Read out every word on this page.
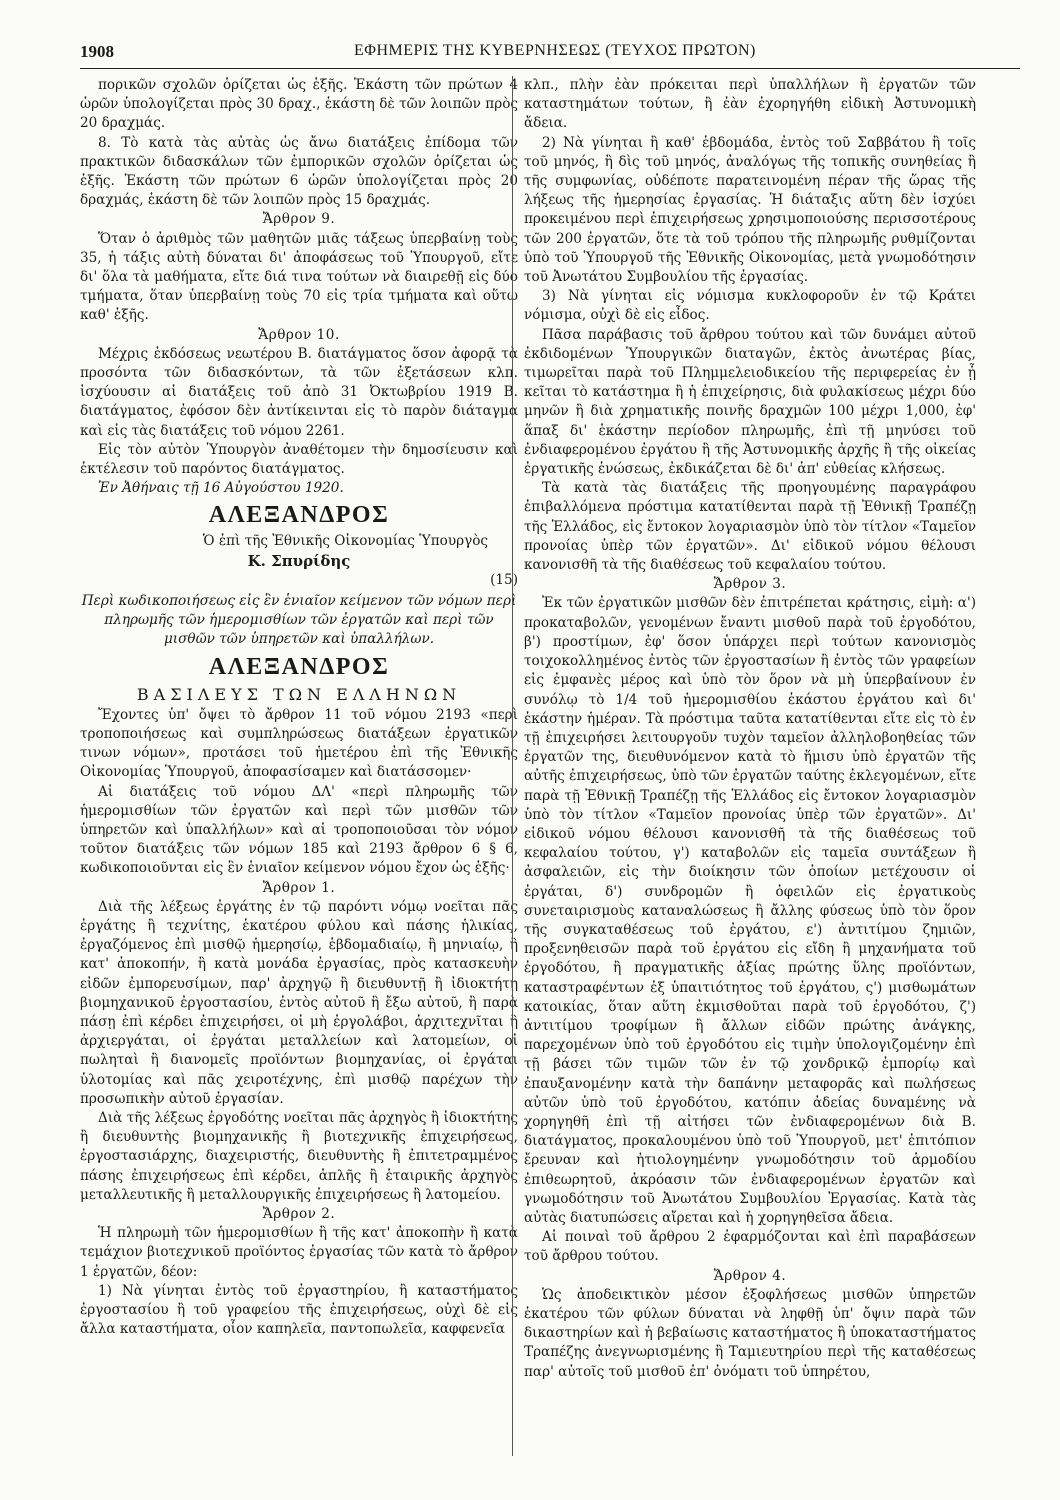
1908	ΕΦΗΜΕΡΙΣ ΤΗΣ ΚΥΒΕΡΝΗΣΕΩΣ (ΤΕΥΧΟΣ ΠΡΩΤΟΝ)

πορικῶν σχολῶν ὁρίζεται ὡς ἑξῆς. Ἑκάστη τῶν πρώτων 4 ὡρῶν ὑπολογίζεται πρὸς 30 δραχ., ἑκάστη δὲ τῶν λοιπῶν πρὸς 20 δραχμάς.

8. Τὸ κατὰ τὰς αὐτὰς ὡς ἄνω διατάξεις ἐπίδομα τῶν πρακτικῶν διδασκάλων τῶν ἐμπορικῶν σχολῶν ὁρίζεται ὡς ἑξῆς. Ἑκάστη τῶν πρώτων 6 ὡρῶν ὑπολογίζεται πρὸς 20 δραχμάς, ἑκάστη δὲ τῶν λοιπῶν πρὸς 15 δραχμάς.

Ἄρθρον 9.

Ὅταν ὁ ἀριθμὸς τῶν μαθητῶν μιᾶς τάξεως ὑπερβαίνῃ τοὺς 35, ἡ τάξις αὐτὴ δύναται δι' ἀποφάσεως τοῦ Ὑπουργοῦ, εἴτε δι' ὅλα τὰ μαθήματα, εἴτε διά τινα τούτων νὰ διαιρεθῇ εἰς δύο τμήματα, ὅταν ὑπερβαίνῃ τοὺς 70 εἰς τρία τμήματα καὶ οὕτω καθ' ἑξῆς.

Ἄρθρον 10.

Μέχρις ἐκδόσεως νεωτέρου Β. διατάγματος ὅσον ἀφορᾷ τὰ προσόντα τῶν διδασκόντων, τὰ τῶν ἐξετάσεων κλπ. ἰσχύουσιν αἱ διατάξεις τοῦ ἀπὸ 31 Ὀκτωβρίου 1919 Β. διατάγματος, ἐφόσον δὲν ἀντίκεινται εἰς τὸ παρὸν διάταγμα καὶ εἰς τὰς διατάξεις τοῦ νόμου 2261.

Εἰς τὸν αὐτὸν Ὑπουργὸν ἀναθέτομεν τὴν δημοσίευσιν καὶ ἐκτέλεσιν τοῦ παρόντος διατάγματος.

Ἐν Ἀθήναις τῇ 16 Αὐγούστου 1920.

ΑΛΕΞΑΝΔΡΟΣ

Ὁ ἐπὶ τῆς Ἐθνικῆς Οἰκονομίας Ὑπουργὸς

Κ. Σπυρίδης

(15)

Περὶ κωδικοποιήσεως εἰς ἓν ἑνιαῖον κείμενον τῶν νόμων περὶ πληρωμῆς τῶν ἡμερομισθίων τῶν ἐργατῶν καὶ περὶ τῶν μισθῶν τῶν ὑπηρετῶν καὶ ὑπαλλήλων.

ΑΛΕΞΑΝΔΡΟΣ

ΒΑΣΙΛΕΥΣ ΤΩΝ ΕΛΛΗΝΩΝ

Ἔχοντες ὑπ' ὄψει τὸ ἄρθρον 11 τοῦ νόμου 2193 «περὶ τροποποιήσεως καὶ συμπληρώσεως διατάξεων ἐργατικῶν τινων νόμων», προτάσει τοῦ ἡμετέρου ἐπὶ τῆς Ἐθνικῆς Οἰκονομίας Ὑπουργοῦ, ἀποφασίσαμεν καὶ διατάσσομεν·

Αἱ διατάξεις τοῦ νόμου ΔΛ' «περὶ πληρωμῆς τῶν ἡμερομισθίων τῶν ἐργατῶν καὶ περὶ τῶν μισθῶν τῶν ὑπηρετῶν καὶ ὑπαλλήλων» καὶ αἱ τροποποιοῦσαι τὸν νόμον τοῦτον διατάξεις τῶν νόμων 185 καὶ 2193 ἄρθρον 6 § 6, κωδικοποιοῦνται εἰς ἓν ἑνιαῖον κείμενον νόμου ἔχον ὡς ἑξῆς·

Ἄρθρον 1.

Διὰ τῆς λέξεως ἐργάτης ἐν τῷ παρόντι νόμῳ νοεῖται πᾶς ἐργάτης ἢ τεχνίτης, ἑκατέρου φύλου καὶ πάσης ἡλικίας, ἐργαζόμενος ἐπὶ μισθῷ ἡμερησίῳ, ἑβδομαδιαίῳ, ἢ μηνιαίῳ, ἢ κατ' ἀποκοπήν, ἢ κατὰ μονάδα ἐργασίας, πρὸς κατασκευὴν εἰδῶν ἐμπορευσίμων, παρ' ἀρχηγῷ ἢ διευθυντῇ ἢ ἰδιοκτήτῃ βιομηχανικοῦ ἐργοστασίου, ἐντὸς αὐτοῦ ἢ ἔξω αὐτοῦ, ἢ παρὰ πάσῃ ἐπὶ κέρδει ἐπιχειρήσει, οἱ μὴ ἐργολάβοι, ἀρχιτεχνῖται ἢ ἀρχιεργάται, οἱ ἐργάται μεταλλείων καὶ λατομείων, οἱ πωληταὶ ἢ διανομεῖς προϊόντων βιομηχανίας, οἱ ἐργάται ὑλοτομίας καὶ πᾶς χειροτέχνης, ἐπὶ μισθῷ παρέχων τὴν προσωπικὴν αὐτοῦ ἐργασίαν.

Διὰ τῆς λέξεως ἐργοδότης νοεῖται πᾶς ἀρχηγὸς ἢ ἰδιοκτήτης ἢ διευθυντὴς βιομηχανικῆς ἢ βιοτεχνικῆς ἐπιχειρήσεως, ἐργοστασιάρχης, διαχειριστής, διευθυντὴς ἢ ἐπιτετραμμένος πάσης ἐπιχειρήσεως ἐπὶ κέρδει, ἁπλῆς ἢ ἑταιρικῆς ἀρχηγὸς μεταλλευτικῆς ἢ μεταλλουργικῆς ἐπιχειρήσεως ἢ λατομείου.

Ἄρθρον 2.

Ἡ πληρωμὴ τῶν ἡμερομισθίων ἢ τῆς κατ' ἀποκοπὴν ἢ κατὰ τεμάχιον βιοτεχνικοῦ προϊόντος ἐργασίας τῶν κατὰ τὸ ἄρθρον 1 ἐργατῶν, δέον:

1) Νὰ γίνηται ἐντὸς τοῦ ἐργαστηρίου, ἢ καταστήματος ἐργοστασίου ἢ τοῦ γραφείου τῆς ἐπιχειρήσεως, οὐχὶ δὲ εἰς ἄλλα καταστήματα, οἷον καπηλεῖα, παντοπωλεῖα, καφφενεῖα

κλπ., πλὴν ἐὰν πρόκειται περὶ ὑπαλλήλων ἢ ἐργατῶν τῶν καταστημάτων τούτων, ἢ ἐὰν ἐχορηγήθη εἰδικὴ Ἀστυνομικὴ ἄδεια.

2) Νὰ γίνηται ἢ καθ' ἑβδομάδα, ἐντὸς τοῦ Σαββάτου ἢ τοῖς τοῦ μηνός, ἢ δὶς τοῦ μηνός, ἀναλόγως τῆς τοπικῆς συνηθείας ἢ τῆς συμφωνίας, οὐδέποτε παρατεινομένη πέραν τῆς ὥρας τῆς λήξεως τῆς ἡμερησίας ἐργασίας. Ἡ διάταξις αὕτη δὲν ἰσχύει προκειμένου περὶ ἐπιχειρήσεως χρησιμοποιούσης περισσοτέρους τῶν 200 ἐργατῶν, ὅτε τὰ τοῦ τρόπου τῆς πληρωμῆς ρυθμίζονται ὑπὸ τοῦ Ὑπουργοῦ τῆς Ἐθνικῆς Οἰκονομίας, μετὰ γνωμοδότησιν τοῦ Ἀνωτάτου Συμβουλίου τῆς ἐργασίας.

3) Νὰ γίνηται εἰς νόμισμα κυκλοφοροῦν ἐν τῷ Κράτει νόμισμα, οὐχὶ δὲ εἰς εἶδος.

Πᾶσα παράβασις τοῦ ἄρθρου τούτου καὶ τῶν δυνάμει αὐτοῦ ἐκδιδομένων Ὑπουργικῶν διαταγῶν, ἐκτὸς ἀνωτέρας βίας, τιμωρεῖται παρὰ τοῦ Πλημμελειοδικείου τῆς περιφερείας ἐν ᾗ κεῖται τὸ κατάστημα ἢ ἡ ἐπιχείρησις, διὰ φυλακίσεως μέχρι δύο μηνῶν ἢ διὰ χρηματικῆς ποινῆς δραχμῶν 100 μέχρι 1,000, ἐφ' ἅπαξ δι' ἑκάστην περίοδον πληρωμῆς, ἐπὶ τῇ μηνύσει τοῦ ἐνδιαφερομένου ἐργάτου ἢ τῆς Ἀστυνομικῆς ἀρχῆς ἢ τῆς οἰκείας ἐργατικῆς ἑνώσεως, ἐκδικάζεται δὲ δι' ἀπ' εὐθείας κλήσεως.

Τὰ κατὰ τὰς διατάξεις τῆς προηγουμένης παραγράφου ἐπιβαλλόμενα πρόστιμα κατατίθενται παρὰ τῇ Ἐθνικῇ Τραπέζῃ τῆς Ἑλλάδος, εἰς ἔντοκον λογαριασμὸν ὑπὸ τὸν τίτλον «Ταμεῖον προνοίας ὑπὲρ τῶν ἐργατῶν». Δι' εἰδικοῦ νόμου θέλουσι κανονισθῆ τὰ τῆς διαθέσεως τοῦ κεφαλαίου τούτου.

Ἄρθρον 3.

Ἐκ τῶν ἐργατικῶν μισθῶν δὲν ἐπιτρέπεται κράτησις, εἰμὴ: α') προκαταβολῶν, γενομένων ἔναντι μισθοῦ παρὰ τοῦ ἐργοδότου, β') προστίμων, ἐφ' ὅσον ὑπάρχει περὶ τούτων κανονισμὸς τοιχοκολλημένος ἐντὸς τῶν ἐργοστασίων ἢ ἐντὸς τῶν γραφείων εἰς ἐμφανὲς μέρος καὶ ὑπὸ τὸν ὅρον νὰ μὴ ὑπερβαίνουν ἐν συνόλῳ τὸ 1/4 τοῦ ἡμερομισθίου ἑκάστου ἐργάτου καὶ δι' ἑκάστην ἡμέραν. Τὰ πρόστιμα ταῦτα κατατίθενται εἴτε εἰς τὸ ἐν τῇ ἐπιχειρήσει λειτουργοῦν τυχὸν ταμεῖον ἀλληλοβοηθείας τῶν ἐργατῶν της, διευθυνόμενον κατὰ τὸ ἥμισυ ὑπὸ ἐργατῶν τῆς αὐτῆς ἐπιχειρήσεως, ὑπὸ τῶν ἐργατῶν ταύτης ἐκλεγομένων, εἴτε παρὰ τῇ Ἐθνικῇ Τραπέζῃ τῆς Ἑλλάδος εἰς ἔντοκον λογαριασμὸν ὑπὸ τὸν τίτλον «Ταμεῖον προνοίας ὑπὲρ τῶν ἐργατῶν». Δι' εἰδικοῦ νόμου θέλουσι κανονισθῆ τὰ τῆς διαθέσεως τοῦ κεφαλαίου τούτου, γ') καταβολῶν εἰς ταμεῖα συντάξεων ἢ ἀσφαλειῶν, εἰς τὴν διοίκησιν τῶν ὁποίων μετέχουσιν οἱ ἐργάται, δ') συνδρομῶν ἢ ὀφειλῶν εἰς ἐργατικοὺς συνεταιρισμοὺς καταναλώσεως ἢ ἄλλης φύσεως ὑπὸ τὸν ὅρον τῆς συγκαταθέσεως τοῦ ἐργάτου, ε') ἀντιτίμου ζημιῶν, προξενηθεισῶν παρὰ τοῦ ἐργάτου εἰς εἴδη ἢ μηχανήματα τοῦ ἐργοδότου, ἢ πραγματικῆς ἀξίας πρώτης ὕλης προϊόντων, καταστραφέντων ἐξ ὑπαιτιότητος τοῦ ἐργάτου, ς') μισθωμάτων κατοικίας, ὅταν αὕτη ἐκμισθοῦται παρὰ τοῦ ἐργοδότου, ζ') ἀντιτίμου τροφίμων ἢ ἄλλων εἰδῶν πρώτης ἀνάγκης, παρεχομένων ὑπὸ τοῦ ἐργοδότου εἰς τιμὴν ὑπολογιζομένην ἐπὶ τῇ βάσει τῶν τιμῶν τῶν ἐν τῷ χονδρικῷ ἐμπορίῳ καὶ ἐπαυξανομένην κατὰ τὴν δαπάνην μεταφορᾶς καὶ πωλήσεως αὐτῶν ὑπὸ τοῦ ἐργοδότου, κατόπιν ἀδείας δυναμένης νὰ χορηγηθῆ ἐπὶ τῇ αἰτήσει τῶν ἐνδιαφερομένων διὰ Β. διατάγματος, προκαλουμένου ὑπὸ τοῦ Ὑπουργοῦ, μετ' ἐπιτόπιον ἔρευναν καὶ ἠτιολογημένην γνωμοδότησιν τοῦ ἁρμοδίου ἐπιθεωρητοῦ, ἀκρόασιν τῶν ἐνδιαφερομένων ἐργατῶν καὶ γνωμοδότησιν τοῦ Ἀνωτάτου Συμβουλίου Ἐργασίας. Κατὰ τὰς αὐτὰς διατυπώσεις αἴρεται καὶ ἡ χορηγηθεῖσα ἄδεια.

Αἱ ποιναὶ τοῦ ἄρθρου 2 ἐφαρμόζονται καὶ ἐπὶ παραβάσεων τοῦ ἄρθρου τούτου.

Ἄρθρον 4.

Ὡς ἀποδεικτικὸν μέσον ἐξοφλήσεως μισθῶν ὑπηρετῶν ἑκατέρου τῶν φύλων δύναται νὰ ληφθῇ ὑπ' ὄψιν παρὰ τῶν δικαστηρίων καὶ ἡ βεβαίωσις καταστήματος ἢ ὑποκαταστήματος Τραπέζης ἀνεγνωρισμένης ἢ Ταμιευτηρίου περὶ τῆς καταθέσεως παρ' αὐτοῖς τοῦ μισθοῦ ἐπ' ὀνόματι τοῦ ὑπηρέτου,
